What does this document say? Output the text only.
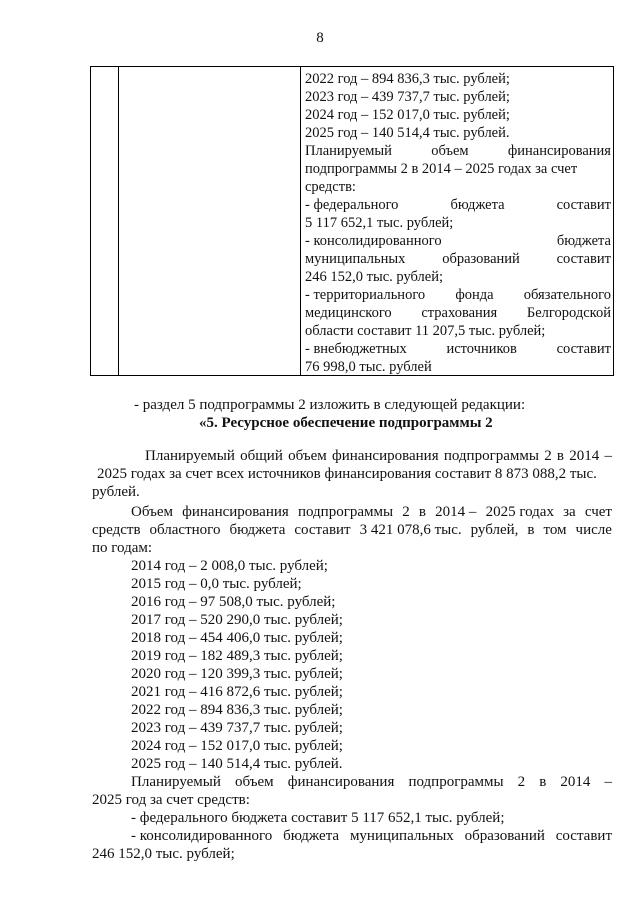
8
2022 год – 894 836,3 тыс. рублей;
2023 год – 439 737,7 тыс. рублей;
2024 год – 152 017,0 тыс. рублей;
2025 год – 140 514,4 тыс. рублей.
Планируемый	объем	финансирования
подпрограммы 2 в 2014 – 2025 годах за счет
средств:
- федерального	бюджета	составит
5 117 652,1 тыс. рублей;
- консолидированного	бюджета
муниципальных	образований	составит
246 152,0 тыс. рублей;
- территориального фонда обязательного
медицинского страхования Белгородской
области составит 11 207,5 тыс. рублей;
- внебюджетных	источников	составит
76 998,0 тыс. рублей
- раздел 5 подпрограммы 2 изложить в следующей редакции:
«5. Ресурсное обеспечение подпрограммы 2
Планируемый общий объем финансирования подпрограммы 2 в 2014 –
2025 годах за счет всех источников финансирования составит 8 873 088,2 тыс.
рублей.
Объем финансирования подпрограммы 2 в 2014 – 2025 годах за счет
средств областного бюджета составит 3 421 078,6 тыс. рублей, в том числе
по годам:
2014 год – 2 008,0 тыс. рублей;
2015 год – 0,0 тыс. рублей;
2016 год – 97 508,0 тыс. рублей;
2017 год – 520 290,0 тыс. рублей;
2018 год – 454 406,0 тыс. рублей;
2019 год – 182 489,3 тыс. рублей;
2020 год – 120 399,3 тыс. рублей;
2021 год – 416 872,6 тыс. рублей;
2022 год – 894 836,3 тыс. рублей;
2023 год – 439 737,7 тыс. рублей;
2024 год – 152 017,0 тыс. рублей;
2025 год – 140 514,4 тыс. рублей.
Планируемый объем финансирования подпрограммы 2 в 2014 –
2025 год за счет средств:
- федерального бюджета составит 5 117 652,1 тыс. рублей;
- консолидированного бюджета муниципальных образований составит
246 152,0 тыс. рублей;
